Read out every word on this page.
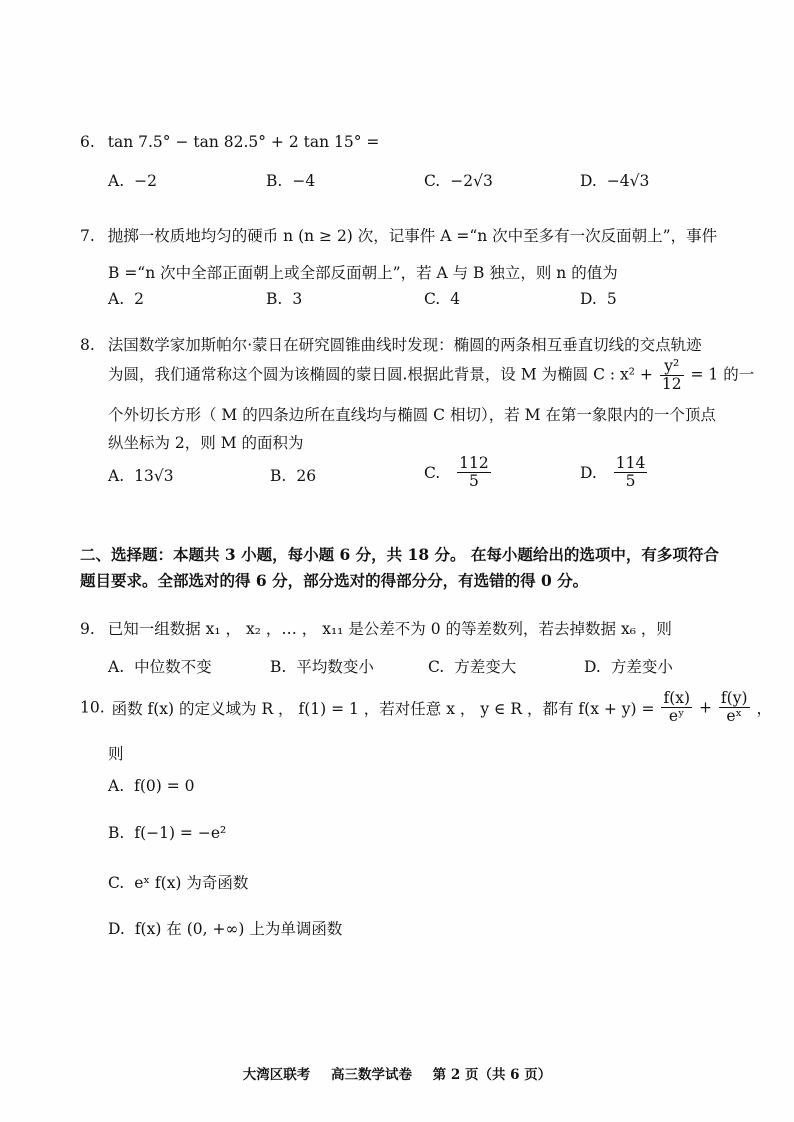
6. tan 7.5° − tan 82.5° + 2 tan 15° =
A. −2	B. −4	C. −2√3	D. −4√3
7. 抛掷一枚质地均匀的硬币 n (n ≥ 2) 次，记事件 A =“n 次中至多有一次反面朝上”，事件
B =“n 次中全部正面朝上或全部反面朝上”，若 A 与 B 独立，则 n 的值为
A. 2	B. 3	C. 4	D. 5
8. 法国数学家加斯帕尔·蒙日在研究圆锥曲线时发现：椭圆的两条相互垂直切线的交点轨迹
为圆，我们通常称这个圆为该椭圆的蒙日圆.根据此背景，设 M 为椭圆 C : $x^2 + \frac{\text{y²}}{12} = 1$ 的一
个外切长方形（ M 的四条边所在直线均与椭圆 C 相切），若 M 在第一象限内的一个顶点
纵坐标为 2，则 M 的面积为
A. 13√3	B. 26	C. $\frac{112}{5}$	D. $\frac{114}{5}$
二、选择题：本题共 3 小题，每小题 6 分，共 18 分。 在每小题给出的选项中，有多项符合
题目要求。全部选对的得 6 分，部分选对的得部分分，有选错的得 0 分。
9. 已知一组数据 x₁ ， x₂ ，… ， x₁₁ 是公差不为 0 的等差数列，若去掉数据 x₆ ，则
A. 中位数不变	B. 平均数变小	C. 方差变大	D. 方差变小
10. 函数 f(x) 的定义域为 R ， f(1) = 1 ，若对任意 x ， y ∈ R ，都有 $f(x + y) = \frac{f(x)}{\text{eʸ}} + \frac{f(y)}{\text{eˣ}}$ ，
则
A. f(0) = 0
B. f(−1) = −e²
C. eˣ f(x) 为奇函数
D. f(x) 在 (0, +∞) 上为单调函数
大湾区联考 高三数学试卷 第 2 页（共 6 页）
